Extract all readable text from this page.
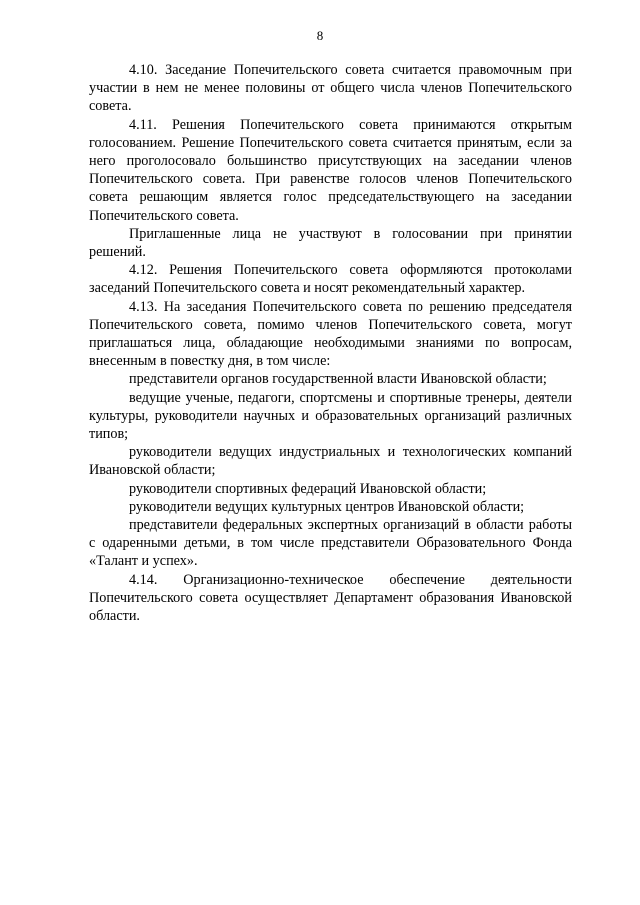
8

4.10. Заседание Попечительского совета считается правомочным при участии в нем не менее половины от общего числа членов Попечительского совета.

4.11. Решения Попечительского совета принимаются открытым голосованием. Решение Попечительского совета считается принятым, если за него проголосовало большинство присутствующих на заседании членов Попечительского совета. При равенстве голосов членов Попечительского совета решающим является голос председательствующего на заседании Попечительского совета.

Приглашенные лица не участвуют в голосовании при принятии решений.

4.12. Решения Попечительского совета оформляются протоколами заседаний Попечительского совета и носят рекомендательный характер.

4.13. На заседания Попечительского совета по решению председателя Попечительского совета, помимо членов Попечительского совета, могут приглашаться лица, обладающие необходимыми знаниями по вопросам, внесенным в повестку дня, в том числе:

представители органов государственной власти Ивановской области;

ведущие ученые, педагоги, спортсмены и спортивные тренеры, деятели культуры, руководители научных и образовательных организаций различных типов;

руководители ведущих индустриальных и технологических компаний Ивановской области;

руководители спортивных федераций Ивановской области;

руководители ведущих культурных центров Ивановской области;

представители федеральных экспертных организаций в области работы с одаренными детьми, в том числе представители Образовательного Фонда «Талант и успех».

4.14. Организационно-техническое обеспечение деятельности Попечительского совета осуществляет Департамент образования Ивановской области.
